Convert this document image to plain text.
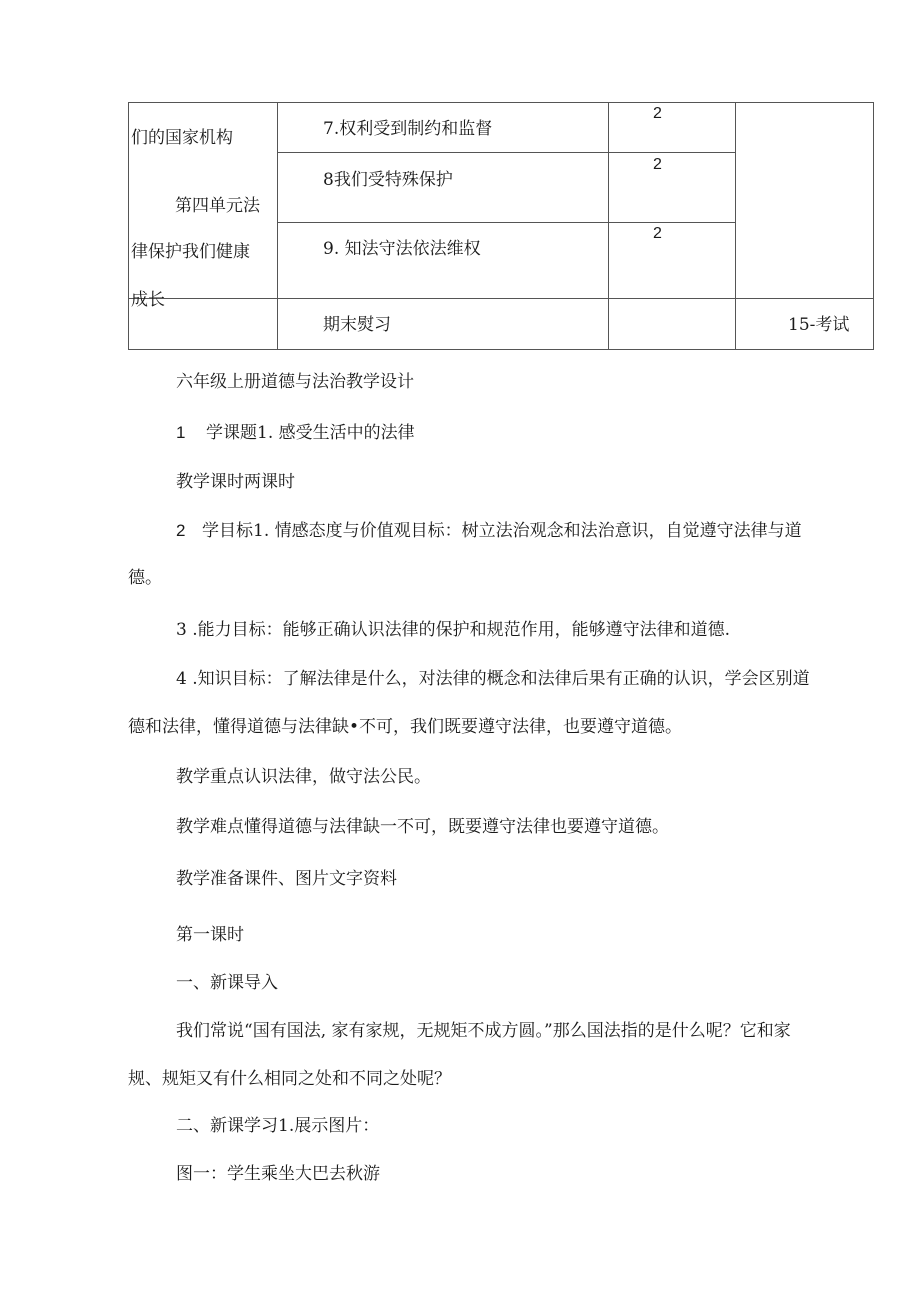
们的国家机构
第四单元法
律保护我们健康
成长
7.权利受到制约和监督
2
8我们受特殊保护
2
9. 知法守法依法维权
2
期末熨习	15-考试
六年级上册道德与法治教学设计
1 学课题1. 感受生活中的法律
教学课时两课时
2 学目标1. 情感态度与价值观目标：树立法治观念和法治意识，自觉遵守法律与道
德。
3 .能力目标：能够正确认识法律的保护和规范作用，能够遵守法律和道德.
4 .知识目标：了解法律是什么，对法律的概念和法律后果有正确的认识，学会区别道
德和法律，懂得道德与法律缺•不可，我们既要遵守法律，也要遵守道德。
教学重点认识法律，做守法公民。
教学难点懂得道德与法律缺一不可，既要遵守法律也要遵守道德。
教学准备课件、图片文字资料
第一课时
一、新课导入
我们常说“国有国法, 家有家规，无规矩不成方圆。”那么国法指的是什么呢？它和家
规、规矩又有什么相同之处和不同之处呢？
二、新课学习1.展示图片：
图一：学生乘坐大巴去秋游
